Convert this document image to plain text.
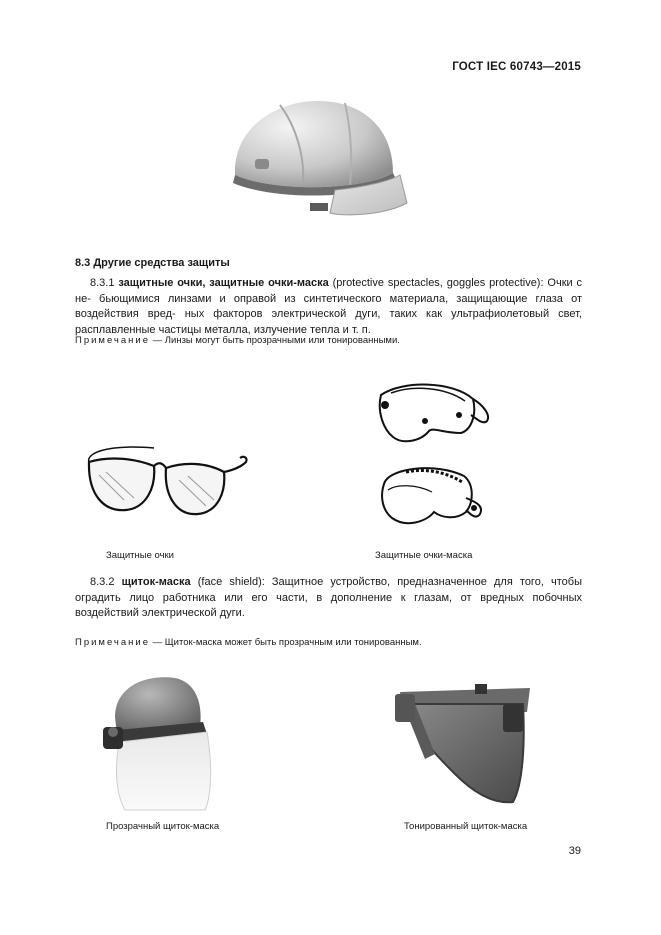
ГОСТ IEC 60743—2015
8.3 Другие средства защиты
8.3.1 защитные очки, защитные очки-маска (protective spectacles, goggles protective): Очки с не- бьющимися линзами и оправой из синтетического материала, защищающие глаза от воздействия вред- ных факторов электрической дуги, таких как ультрафиолетовый свет, расплавленные частицы металла, излучение тепла и т. п.
Примечание — Линзы могут быть прозрачными или тонированными.
Защитные очки	Защитные очки-маска
8.3.2 щиток-маска (face shield): Защитное устройство, предназначенное для того, чтобы оградить лицо работника или его части, в дополнение к глазам, от вредных побочных воздействий электрической дуги.
Примечание — Щиток-маска может быть прозрачным или тонированным.
Прозрачный щиток-маска	Тонированный щиток-маска
39
